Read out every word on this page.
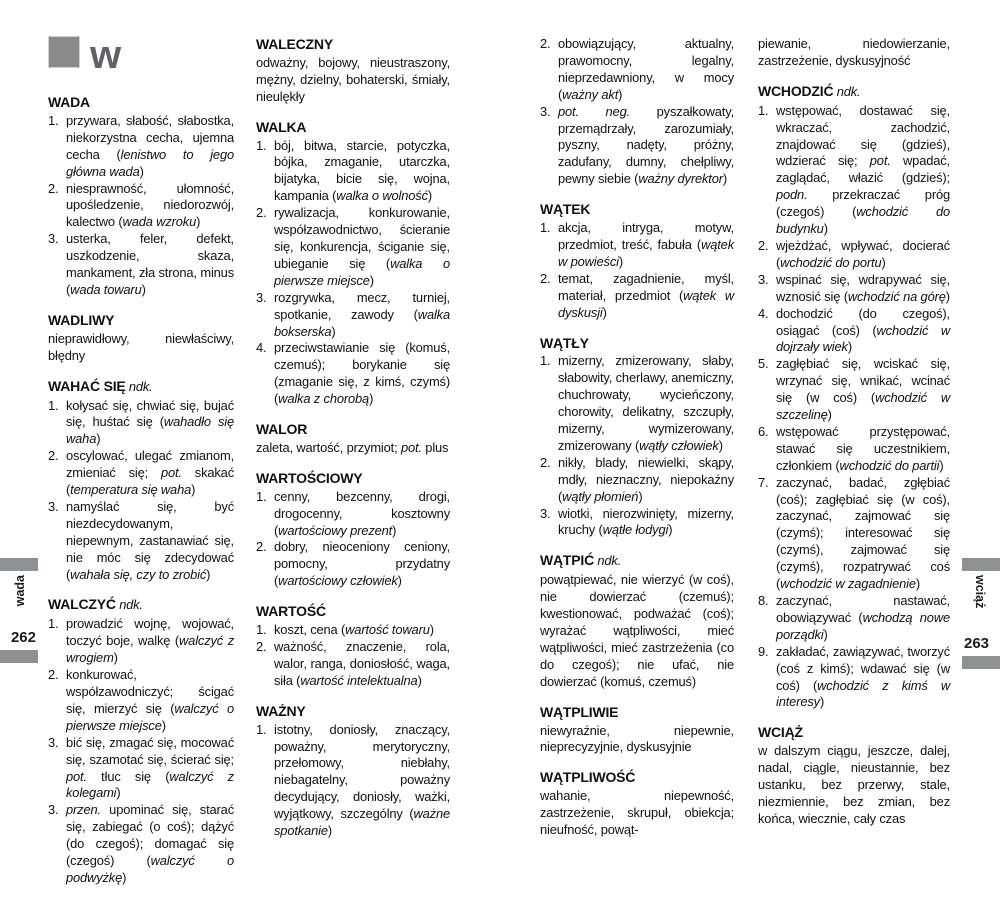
w
WADA
1. przywara, słabość, słabostka, niekorzystna cecha, ujemna cecha (lenistwo to jego główna wada)
2. niesprawność, ułomność, upośledzenie, niedorozwój, kalectwo (wada wzroku)
3. usterka, feler, defekt, uszkodzenie, skaza, mankament, zła strona, minus (wada towaru)
WADLIWY
nieprawidłowy, niewłaściwy, błędny
WAHAĆ SIĘ ndk.
1. kołysać się, chwiać się, bujać się, huśtać się (wahadło się waha)
2. oscylować, ulegać zmianom, zmieniać się; pot. skakać (temperatura się waha)
3. namyślać się, być niezdecydowanym, niepewnym, zastanawiać się, nie móc się zdecydować (wahała się, czy to zrobić)
WALCZYĆ ndk.
1. prowadzić wojnę, wojować, toczyć boje, walkę (walczyć z wrogiem)
2. konkurować, współzawodniczyć; ścigać się, mierzyć się (walczyć o pierwsze miejsce)
3. bić się, zmagać się, mocować się, szamotać się, ścierać się; pot. tłuc się (walczyć z kolegami)
3. przen. upominać się, starać się, zabiegać (o coś); dążyć (do czegoś); domagać się (czegoś) (walczyć o podwyżkę)
WALECZNY
odważny, bojowy, nieustraszony, mężny, dzielny, bohaterski, śmiały, nieulękły
WALKA
1. bój, bitwa, starcie, potyczka, bójka, zmaganie, utarczka, bijatyka, bicie się, wojna, kampania (walka o wolność)
2. rywalizacja, konkurowanie, współzawodnictwo, ścieranie się, konkurencja, ściganie się, ubieganie się (walka o pierwsze miejsce)
3. rozgrywka, mecz, turniej, spotkanie, zawody (walka bokserska)
4. przeciwstawianie się (komuś, czemuś); borykanie się (zmaganie się, z kimś, czymś) (walka z chorobą)
WALOR
zaleta, wartość, przymiot; pot. plus
WARTOŚCIOWY
1. cenny, bezcenny, drogi, drogocenny, kosztowny (wartościowy prezent)
2. dobry, nieoceniony ceniony, pomocny, przydatny (wartościowy człowiek)
WARTOŚĆ
1. koszt, cena (wartość towaru)
2. ważność, znaczenie, rola, walor, ranga, doniosłość, waga, siła (wartość intelektualna)
WAŻNY
1. istotny, doniosły, znaczący, poważny, merytoryczny, przełomowy, niebłahy, niebagatelny, poważny decydujący, doniosły, ważki, wyjątkowy, szczególny (ważne spotkanie)
2. obowiązujący, aktualny, prawomocny, legalny, nieprzedawniony, w mocy (ważny akt)
3. pot. neg. pyszałkowaty, przemądrzały, zarozumiały, pyszny, nadęty, próżny, zadufany, dumny, chełpliwy, pewny siebie (ważny dyrektor)
WĄTEK
1. akcja, intryga, motyw, przedmiot, treść, fabuła (wątek w powieści)
2. temat, zagadnienie, myśl, materiał, przedmiot (wątek w dyskusji)
WĄTŁY
1. mizerny, zmizerowany, słaby, słabowity, cherlawy, anemiczny, chuchrowaty, wycieńczony, chorowity, delikatny, szczupły, mizerny, wymizerowany, zmizerowany (wątły człowiek)
2. nikły, blady, niewielki, skąpy, mdły, nieznaczny, niepokaźny (wątły płomień)
3. wiotki, nierozwinięty, mizerny, kruchy (wątłe łodygi)
WĄTPIĆ ndk.
powątpiewać, nie wierzyć (w coś), nie dowierzać (czemuś); kwestionować, podważać (coś); wyrażać wątpliwości, mieć wątpliwości, mieć zastrzeżenia (co do czegoś); nie ufać, nie dowierzać (komuś, czemuś)
WĄTPLIWIE
niewyraźnie, niepewnie, nieprecyzyjnie, dyskusyjnie
WĄTPLIWOŚĆ
wahanie, niepewność, zastrzeżenie, skrupuł, obiekcja; nieufność, powąt-
piewanie, niedowierzanie, zastrzeżenie, dyskusyjność
WCHODZIĆ ndk.
1. wstępować, dostawać się, wkraczać, zachodzić, znajdować się (gdzieś), wdzierać się; pot. wpadać, zaglądać, włazić (gdzieś); podn. przekraczać próg (czegoś) (wchodzić do budynku)
2. wjeżdżać, wpływać, docierać (wchodzić do portu)
3. wspinać się, wdrapywać się, wznosić się (wchodzić na górę)
4. dochodzić (do czegoś), osiągać (coś) (wchodzić w dojrzały wiek)
5. zagłębiać się, wciskać się, wrzynać się, wnikać, wcinać się (w coś) (wchodzić w szczelinę)
6. wstępować przystępować, stawać się uczestnikiem, członkiem (wchodzić do partii)
7. zaczynać, badać, zgłębiać (coś); zagłębiać się (w coś), zaczynać, zajmować się (czymś); interesować się (czymś), zajmować się (czymś), rozpatrywać coś (wchodzić w zagadnienie)
8. zaczynać, nastawać, obowiązywać (wchodzą nowe porządki)
9. zakładać, zawiązywać, tworzyć (coś z kimś); wdawać się (w coś) (wchodzić z kimś w interesy)
WCIĄŻ
w dalszym ciągu, jeszcze, dalej, nadal, ciągle, nieustannie, bez ustanku, bez przerwy, stale, niezmiennie, bez zmian, bez końca, wiecznie, cały czas
wada
262
wciąż
263
